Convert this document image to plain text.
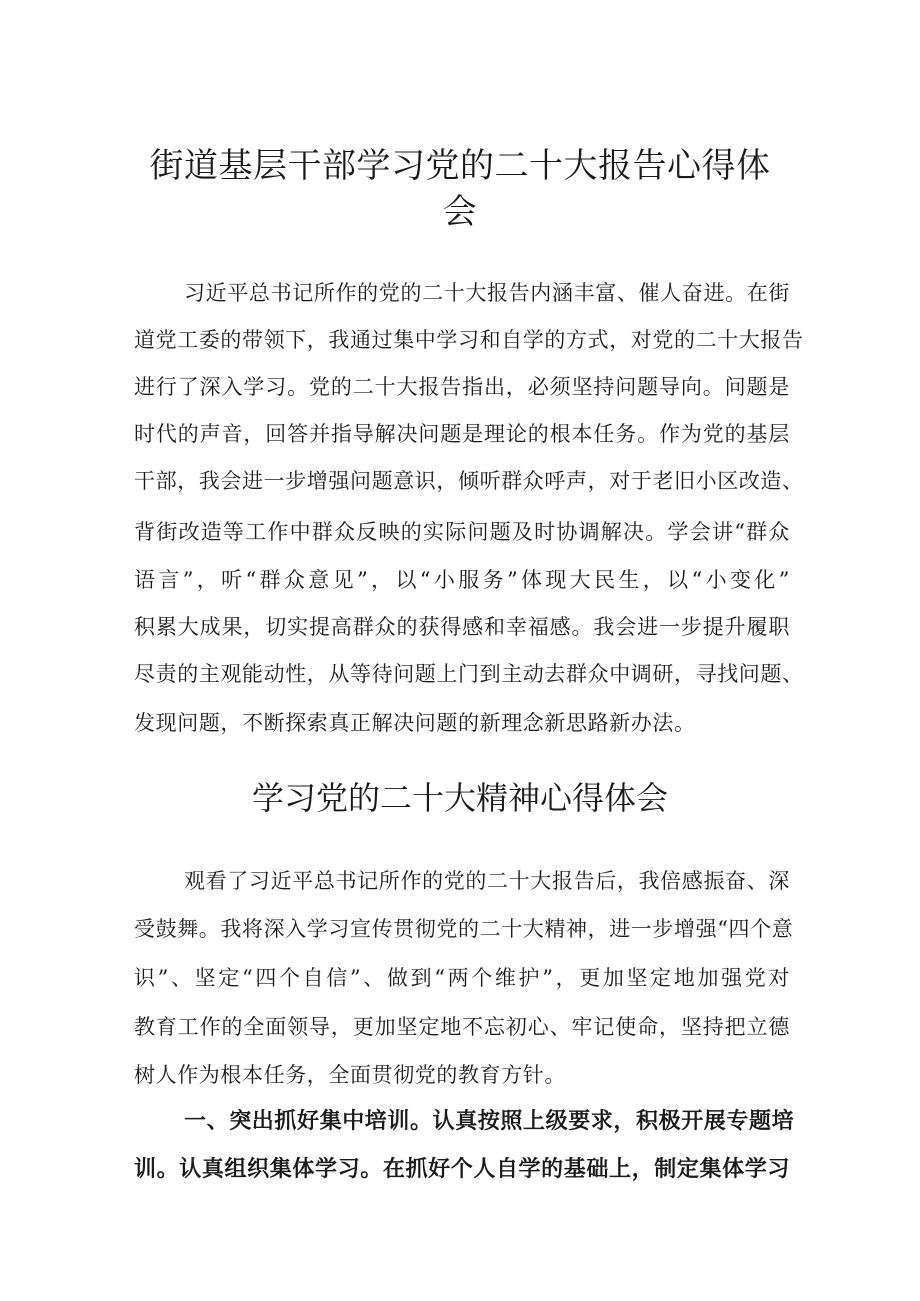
街道基层干部学习党的二十大报告心得体
会
习近平总书记所作的党的二十大报告内涵丰富、催人奋进。在街
道党工委的带领下，我通过集中学习和自学的方式，对党的二十大报告
进行了深入学习。党的二十大报告指出，必须坚持问题导向。问题是
时代的声音，回答并指导解决问题是理论的根本任务。作为党的基层
干部，我会进一步增强问题意识，倾听群众呼声，对于老旧小区改造、
背街改造等工作中群众反映的实际问题及时协调解决。学会讲“群众
语言”，听“群众意见”，以“小服务”体现大民生，以“小变化”
积累大成果，切实提高群众的获得感和幸福感。我会进一步提升履职
尽责的主观能动性，从等待问题上门到主动去群众中调研，寻找问题、
发现问题，不断探索真正解决问题的新理念新思路新办法。
学习党的二十大精神心得体会
观看了习近平总书记所作的党的二十大报告后，我倍感振奋、深
受鼓舞。我将深入学习宣传贯彻党的二十大精神，进一步增强“四个意
识”、坚定“四个自信”、做到“两个维护”，更加坚定地加强党对
教育工作的全面领导，更加坚定地不忘初心、牢记使命，坚持把立德
树人作为根本任务，全面贯彻党的教育方针。
一、突出抓好集中培训。认真按照上级要求，积极开展专题培
训。认真组织集体学习。在抓好个人自学的基础上，制定集体学习
